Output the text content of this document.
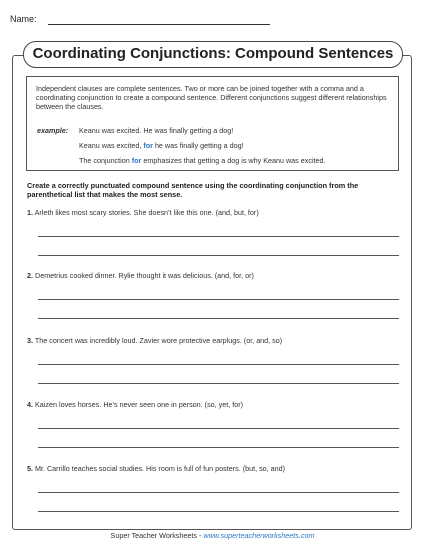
Name:
Coordinating Conjunctions: Compound Sentences
Independent clauses are complete sentences. Two or more can be joined together with a comma and a coordinating conjunction to create a compound sentence. Different conjunctions suggest different relationships between the clauses.
example: Keanu was excited. He was finally getting a dog!
Keanu was excited, for he was finally getting a dog!
The conjunction for emphasizes that getting a dog is why Keanu was excited.
Create a correctly punctuated compound sentence using the coordinating conjunction from the parenthetical list that makes the most sense.
1. Arleth likes most scary stories. She doesn’t like this one. (and, but, for)
2. Demetrius cooked dinner. Rylie thought it was delicious. (and, for, or)
3. The concert was incredibly loud. Zavier wore protective earplugs. (or, and, so)
4. Kaizen loves horses. He’s never seen one in person. (so, yet, for)
5. Mr. Carrillo teaches social studies. His room is full of fun posters. (but, so, and)
Super Teacher Worksheets - www.superteacherworksheets.com
